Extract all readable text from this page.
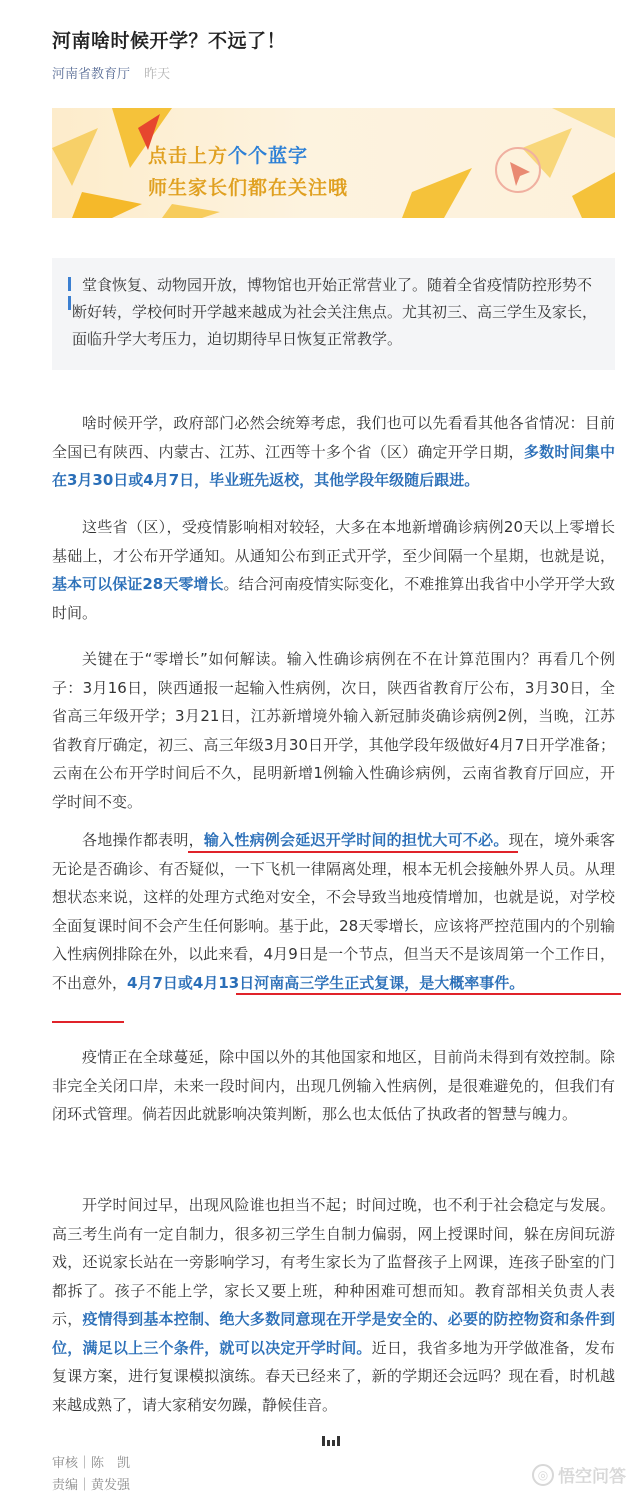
河南啥时候开学？不远了！
河南省教育厅 昨天
点击上方个个蓝字
师生家长们都在关注哦

堂食恢复、动物园开放，博物馆也开始正常营业了。随着全省疫情防控形势不断好转，学校何时开学越来越成为社会关注焦点。尤其初三、高三学生及家长，面临升学大考压力，迫切期待早日恢复正常教学。

啥时候开学，政府部门必然会统筹考虑，我们也可以先看看其他各省情况：目前全国已有陕西、内蒙古、江苏、江西等十多个省（区）确定开学日期，多数时间集中在3月30日或4月7日，毕业班先返校，其他学段年级随后跟进。

这些省（区），受疫情影响相对较轻，大多在本地新增确诊病例20天以上零增长基础上，才公布开学通知。从通知公布到正式开学，至少间隔一个星期，也就是说，基本可以保证28天零增长。结合河南疫情实际变化，不难推算出我省中小学开学大致时间。

关键在于“零增长”如何解读。输入性确诊病例在不在计算范围内？再看几个例子：3月16日，陕西通报一起输入性病例，次日，陕西省教育厅公布，3月30日，全省高三年级开学；3月21日，江苏新增境外输入新冠肺炎确诊病例2例，当晚，江苏省教育厅确定，初三、高三年级3月30日开学，其他学段年级做好4月7日开学准备；云南在公布开学时间后不久，昆明新增1例输入性确诊病例，云南省教育厅回应，开学时间不变。

各地操作都表明，输入性病例会延迟开学时间的担忧大可不必。现在，境外乘客无论是否确诊、有否疑似，一下飞机一律隔离处理，根本无机会接触外界人员。从理想状态来说，这样的处理方式绝对安全，不会导致当地疫情增加，也就是说，对学校全面复课时间不会产生任何影响。基于此，28天零增长，应该将严控范围内的个别输入性病例排除在外，以此来看，4月9日是一个节点，但当天不是该周第一个工作日，不出意外，4月7日或4月13日河南高三学生正式复课，是大概率事件。

疫情正在全球蔓延，除中国以外的其他国家和地区，目前尚未得到有效控制。除非完全关闭口岸，未来一段时间内，出现几例输入性病例，是很难避免的，但我们有闭环式管理。倘若因此就影响决策判断，那么也太低估了执政者的智慧与魄力。

开学时间过早，出现风险谁也担当不起；时间过晚，也不利于社会稳定与发展。高三考生尚有一定自制力，很多初三学生自制力偏弱，网上授课时间，躲在房间玩游戏，还说家长站在一旁影响学习，有考生家长为了监督孩子上网课，连孩子卧室的门都拆了。孩子不能上学，家长又要上班，种种困难可想而知。教育部相关负责人表示，疫情得到基本控制、绝大多数同意现在开学是安全的、必要的防控物资和条件到位，满足以上三个条件，就可以决定开学时间。近日，我省多地为开学做准备，发布复课方案，进行复课模拟演练。春天已经来了，新的学期还会远吗？现在看，时机越来越成熟了，请大家稍安勿躁，静候佳音。

审核｜陈　凯
责编｜黄发强
◎ 悟空问答
